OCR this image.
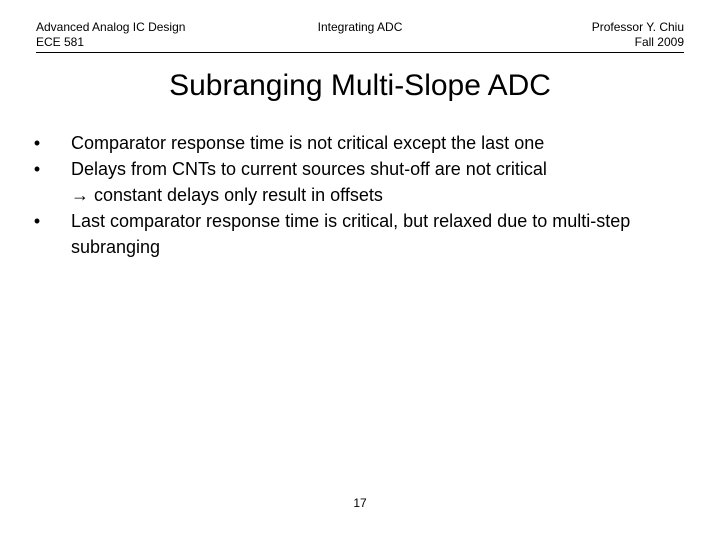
Advanced Analog IC Design
ECE 581
Integrating ADC	Professor Y. Chiu
Fall 2009
Subranging Multi-Slope ADC
• Comparator response time is not critical except the last one
• Delays from CNTs to current sources shut-off are not critical
→ constant delays only result in offsets
• Last comparator response time is critical, but relaxed due to multi-step subranging
17
